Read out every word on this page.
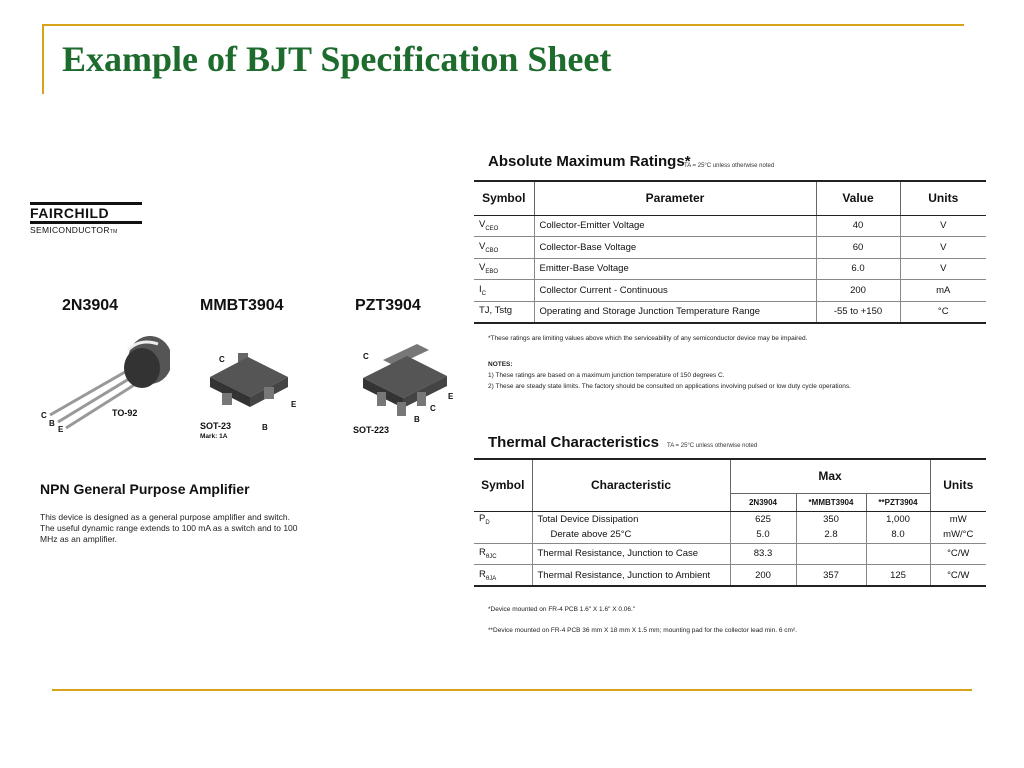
Example of BJT Specification Sheet
FAIRCHILD
SEMICONDUCTORTM
2N3904	MMBT3904	PZT3904
C
B
E
TO-92
C
B
E
SOT-23
Mark: 1A
C
B
C
E
SOT-223
NPN General Purpose Amplifier
This device is designed as a general purpose amplifier and switch. The useful dynamic range extends to 100 mA as a switch and to 100 MHz as an amplifier.
Absolute Maximum Ratings*
TA = 25°C unless otherwise noted
Symbol	Parameter	Value	Units
$V_{CEO}$	Collector-Emitter Voltage	40	V
$V_{CBO}$	Collector-Base Voltage	60	V
$V_{EBO}$	Emitter-Base Voltage	6.0	V
$I_C$	Collector Current - Continuous	200	mA
TJ, Tstg	Operating and Storage Junction Temperature Range	-55 to +150	°C
*These ratings are limiting values above which the serviceability of any semiconductor device may be impaired.
NOTES:
1) These ratings are based on a maximum junction temperature of 150 degrees C.
2) These are steady state limits. The factory should be consulted on applications involving pulsed or low duty cycle operations.
Thermal Characteristics TA = 25°C unless otherwise noted
Symbol	Characteristic	Max			Units
		2N3904	*MMBT3904	**PZT3904	
$P_D$	Total Device Dissipation	625	350	1,000	mW
	Derate above 25°C	5.0	2.8	8.0	mW/°C
$R_{\theta JC}$	Thermal Resistance, Junction to Case	83.3			°C/W
$R_{\theta JA}$	Thermal Resistance, Junction to Ambient	200	357	125	°C/W
*Device mounted on FR-4 PCB 1.6" X 1.6" X 0.06."
**Device mounted on FR-4 PCB 36 mm X 18 mm X 1.5 mm; mounting pad for the collector lead min. 6 cm².
